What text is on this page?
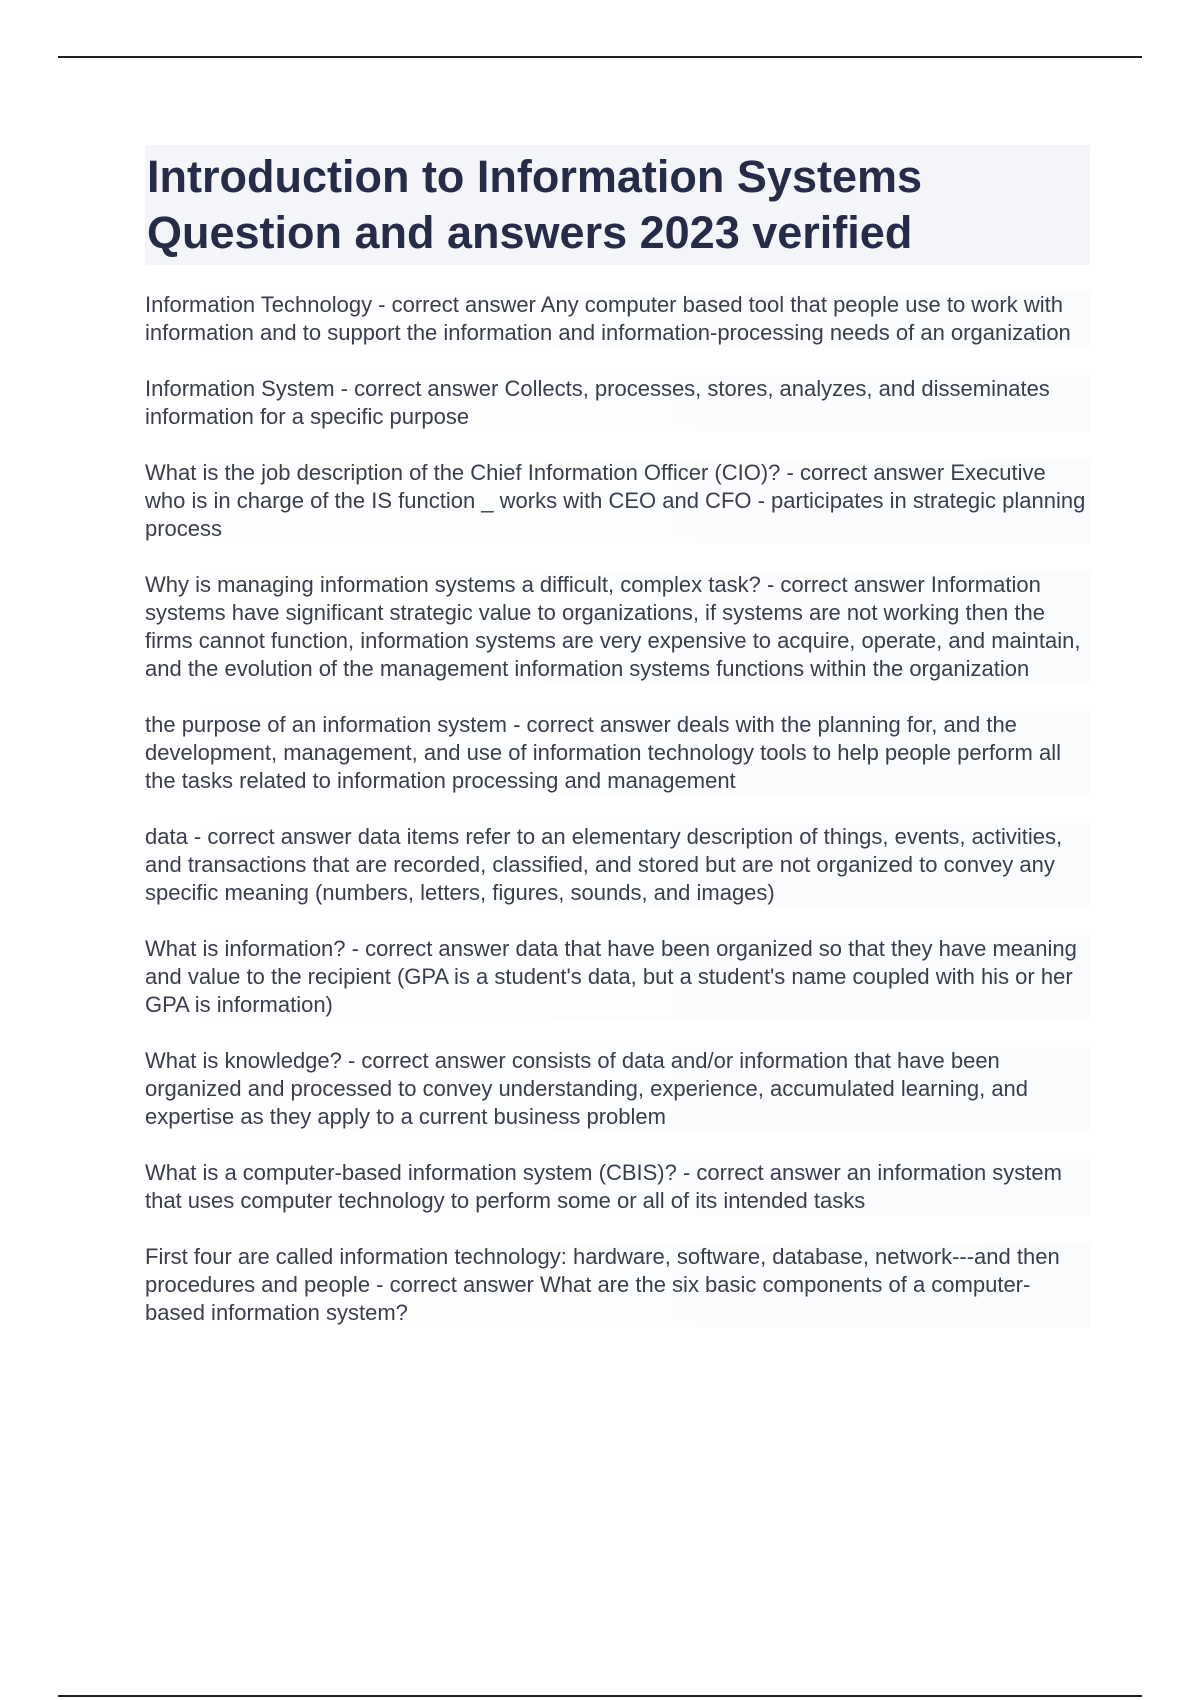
Introduction to Information Systems
Question and answers 2023 verified

Information Technology - correct answer Any computer based tool that people use to work with information and to support the information and information-processing needs of an organization

Information System - correct answer Collects, processes, stores, analyzes, and disseminates information for a specific purpose

What is the job description of the Chief Information Officer (CIO)? - correct answer Executive who is in charge of the IS function _ works with CEO and CFO - participates in strategic planning process

Why is managing information systems a difficult, complex task? - correct answer Information systems have significant strategic value to organizations, if systems are not working then the firms cannot function, information systems are very expensive to acquire, operate, and maintain, and the evolution of the management information systems functions within the organization

the purpose of an information system - correct answer deals with the planning for, and the development, management, and use of information technology tools to help people perform all the tasks related to information processing and management

data - correct answer data items refer to an elementary description of things, events, activities, and transactions that are recorded, classified, and stored but are not organized to convey any specific meaning (numbers, letters, figures, sounds, and images)

What is information? - correct answer data that have been organized so that they have meaning and value to the recipient (GPA is a student's data, but a student's name coupled with his or her GPA is information)

What is knowledge? - correct answer consists of data and/or information that have been organized and processed to convey understanding, experience, accumulated learning, and expertise as they apply to a current business problem

What is a computer-based information system (CBIS)? - correct answer an information system that uses computer technology to perform some or all of its intended tasks

First four are called information technology: hardware, software, database, network---and then procedures and people - correct answer What are the six basic components of a computer-based information system?
